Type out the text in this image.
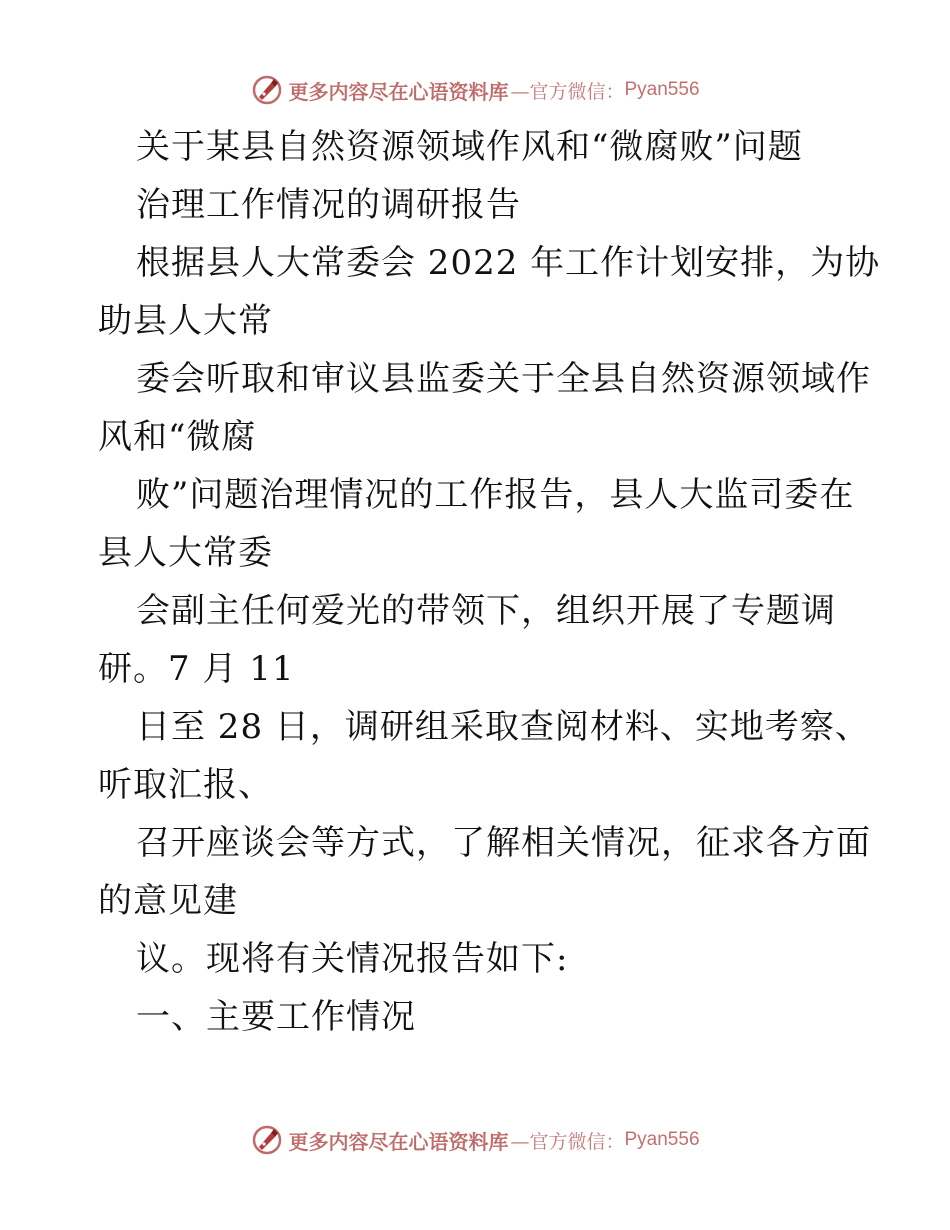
更多内容尽在心语资料库 —官方微信： Pyan556
关于某县自然资源领域作风和“微腐败”问题
治理工作情况的调研报告
根据县人大常委会 2022 年工作计划安排，为协
助县人大常
委会听取和审议县监委关于全县自然资源领域作
风和“微腐
败”问题治理情况的工作报告，县人大监司委在
县人大常委
会副主任何爱光的带领下，组织开展了专题调
研。7 月 11
日至 28 日，调研组采取查阅材料、实地考察、
听取汇报、
召开座谈会等方式，了解相关情况，征求各方面
的意见建
议。现将有关情况报告如下:
一、主要工作情况
更多内容尽在心语资料库 —官方微信： Pyan556
